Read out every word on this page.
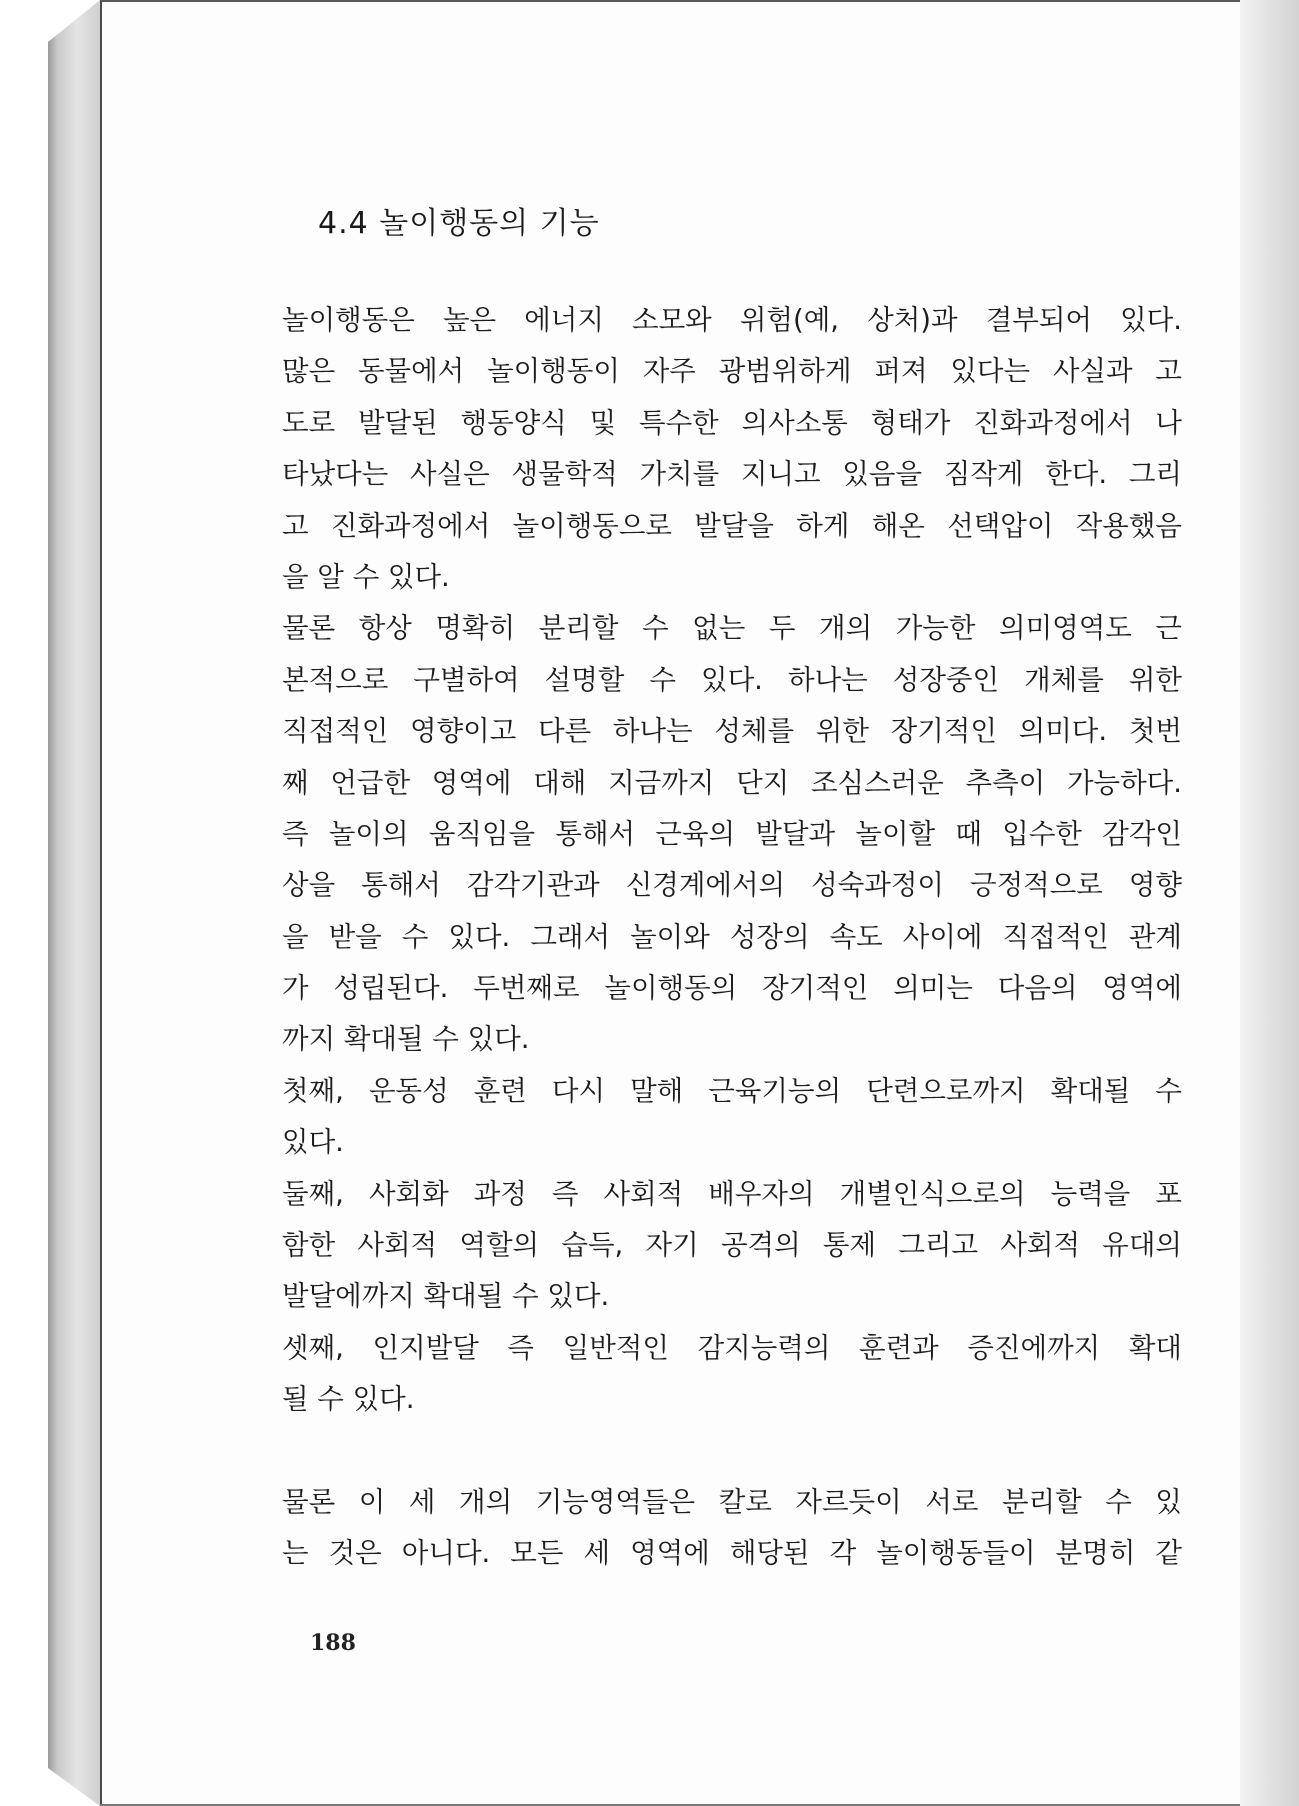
4.4 놀이행동의 기능
놀이행동은 높은 에너지 소모와 위험(예, 상처)과 결부되어 있다.
많은 동물에서 놀이행동이 자주 광범위하게 퍼져 있다는 사실과 고
도로 발달된 행동양식 및 특수한 의사소통 형태가 진화과정에서 나
타났다는 사실은 생물학적 가치를 지니고 있음을 짐작게 한다. 그리
고 진화과정에서 놀이행동으로 발달을 하게 해온 선택압이 작용했음
을 알 수 있다.
물론 항상 명확히 분리할 수 없는 두 개의 가능한 의미영역도 근
본적으로 구별하여 설명할 수 있다. 하나는 성장중인 개체를 위한
직접적인 영향이고 다른 하나는 성체를 위한 장기적인 의미다. 첫번
째 언급한 영역에 대해 지금까지 단지 조심스러운 추측이 가능하다.
즉 놀이의 움직임을 통해서 근육의 발달과 놀이할 때 입수한 감각인
상을 통해서 감각기관과 신경계에서의 성숙과정이 긍정적으로 영향
을 받을 수 있다. 그래서 놀이와 성장의 속도 사이에 직접적인 관계
가 성립된다. 두번째로 놀이행동의 장기적인 의미는 다음의 영역에
까지 확대될 수 있다.
첫째, 운동성 훈련 다시 말해 근육기능의 단련으로까지 확대될 수
있다.
둘째, 사회화 과정 즉 사회적 배우자의 개별인식으로의 능력을 포
함한 사회적 역할의 습득, 자기 공격의 통제 그리고 사회적 유대의
발달에까지 확대될 수 있다.
셋째, 인지발달 즉 일반적인 감지능력의 훈련과 증진에까지 확대
될 수 있다.
물론 이 세 개의 기능영역들은 칼로 자르듯이 서로 분리할 수 있
는 것은 아니다. 모든 세 영역에 해당된 각 놀이행동들이 분명히 같
188
